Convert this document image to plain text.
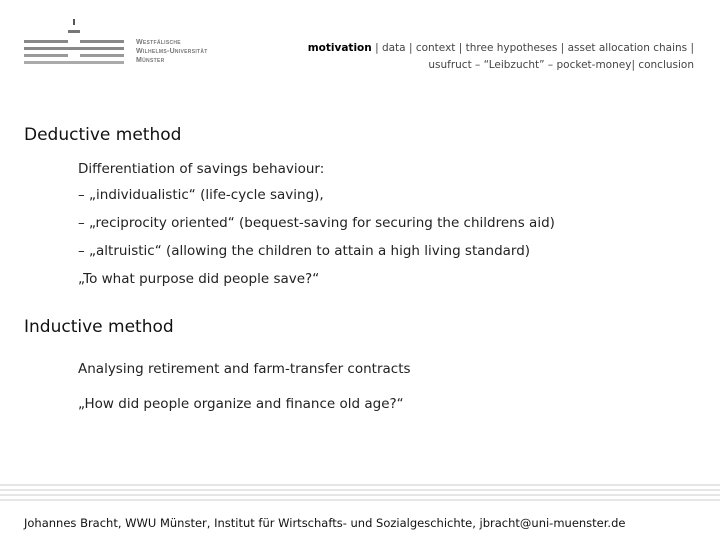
Westfälische
Wilhelms-Universität
Münster
motivation | data | context | three hypotheses | asset allocation chains |
usufruct – “Leibzucht” – pocket-money| conclusion
Deductive method
Differentiation of savings behaviour:
– „individualistic“ (life-cycle saving),
– „reciprocity oriented“ (bequest-saving for securing the childrens aid)
– „altruistic“ (allowing the children to attain a high living standard)
„To what purpose did people save?“
Inductive method
Analysing retirement and farm-transfer contracts
„How did people organize and finance old age?“
Johannes Bracht, WWU Münster, Institut für Wirtschafts- und Sozialgeschichte, jbracht@uni-muenster.de
